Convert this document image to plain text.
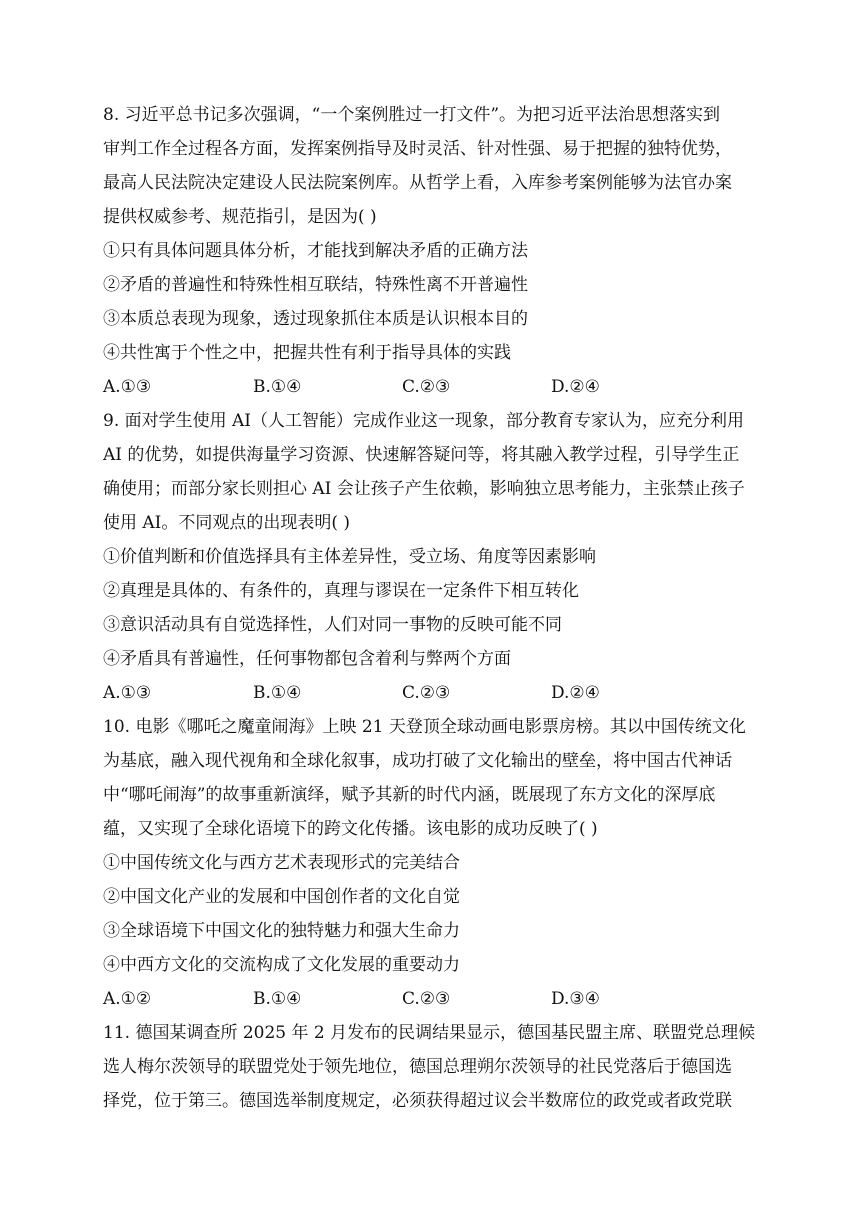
8. 习近平总书记多次强调，“一个案例胜过一打文件”。为把习近平法治思想落实到
审判工作全过程各方面，发挥案例指导及时灵活、针对性强、易于把握的独特优势，
最高人民法院决定建设人民法院案例库。从哲学上看，入库参考案例能够为法官办案
提供权威参考、规范指引，是因为( )
①只有具体问题具体分析，才能找到解决矛盾的正确方法
②矛盾的普遍性和特殊性相互联结，特殊性离不开普遍性
③本质总表现为现象，透过现象抓住本质是认识根本目的
④共性寓于个性之中，把握共性有利于指导具体的实践
A.①③	B.①④	C.②③	D.②④
9. 面对学生使用 AI（人工智能）完成作业这一现象，部分教育专家认为，应充分利用
AI 的优势，如提供海量学习资源、快速解答疑问等，将其融入教学过程，引导学生正
确使用；而部分家长则担心 AI 会让孩子产生依赖，影响独立思考能力，主张禁止孩子
使用 AI。不同观点的出现表明( )
①价值判断和价值选择具有主体差异性，受立场、角度等因素影响
②真理是具体的、有条件的，真理与谬误在一定条件下相互转化
③意识活动具有自觉选择性，人们对同一事物的反映可能不同
④矛盾具有普遍性，任何事物都包含着利与弊两个方面
A.①③	B.①④	C.②③	D.②④
10. 电影《哪吒之魔童闹海》上映 21 天登顶全球动画电影票房榜。其以中国传统文化
为基底，融入现代视角和全球化叙事，成功打破了文化输出的壁垒，将中国古代神话
中“哪吒闹海”的故事重新演绎，赋予其新的时代内涵，既展现了东方文化的深厚底
蕴，又实现了全球化语境下的跨文化传播。该电影的成功反映了( )
①中国传统文化与西方艺术表现形式的完美结合
②中国文化产业的发展和中国创作者的文化自觉
③全球语境下中国文化的独特魅力和强大生命力
④中西方文化的交流构成了文化发展的重要动力
A.①②	B.①④	C.②③	D.③④
11. 德国某调查所 2025 年 2 月发布的民调结果显示，德国基民盟主席、联盟党总理候
选人梅尔茨领导的联盟党处于领先地位，德国总理朔尔茨领导的社民党落后于德国选
择党，位于第三。德国选举制度规定，必须获得超过议会半数席位的政党或者政党联
